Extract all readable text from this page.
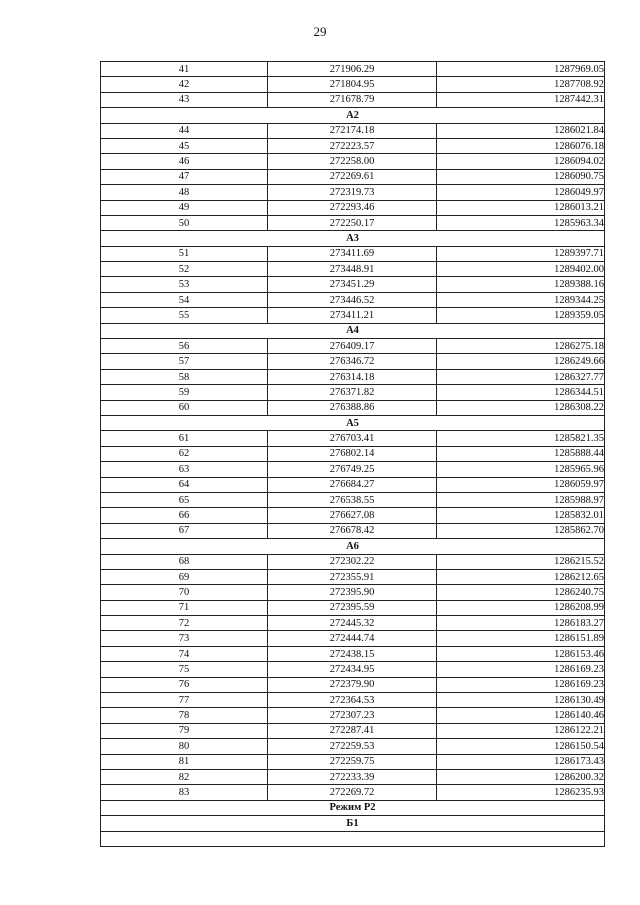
29
41	271906.29	1287969.05
42	271804.95	1287708.92
43	271678.79	1287442.31
А2		
44	272174.18	1286021.84
45	272223.57	1286076.18
46	272258.00	1286094.02
47	272269.61	1286090.75
48	272319.73	1286049.97
49	272293.46	1286013.21
50	272250.17	1285963.34
А3		
51	273411.69	1289397.71
52	273448.91	1289402.00
53	273451.29	1289388.16
54	273446.52	1289344.25
55	273411.21	1289359.05
А4		
56	276409.17	1286275.18
57	276346.72	1286249.66
58	276314.18	1286327.77
59	276371.82	1286344.51
60	276388.86	1286308.22
А5		
61	276703.41	1285821.35
62	276802.14	1285888.44
63	276749.25	1285965.96
64	276684.27	1286059.97
65	276538.55	1285988.97
66	276627.08	1285832.01
67	276678.42	1285862.70
А6		
68	272302.22	1286215.52
69	272355.91	1286212.65
70	272395.90	1286240.75
71	272395.59	1286208.99
72	272445.32	1286183.27
73	272444.74	1286151.89
74	272438.15	1286153.46
75	272434.95	1286169.23
76	272379.90	1286169.23
77	272364.53	1286130.49
78	272307.23	1286140.46
79	272287.41	1286122.21
80	272259.53	1286150.54
81	272259.75	1286173.43
82	272233.39	1286200.32
83	272269.72	1286235.93
Режим Р2		
Б1		
